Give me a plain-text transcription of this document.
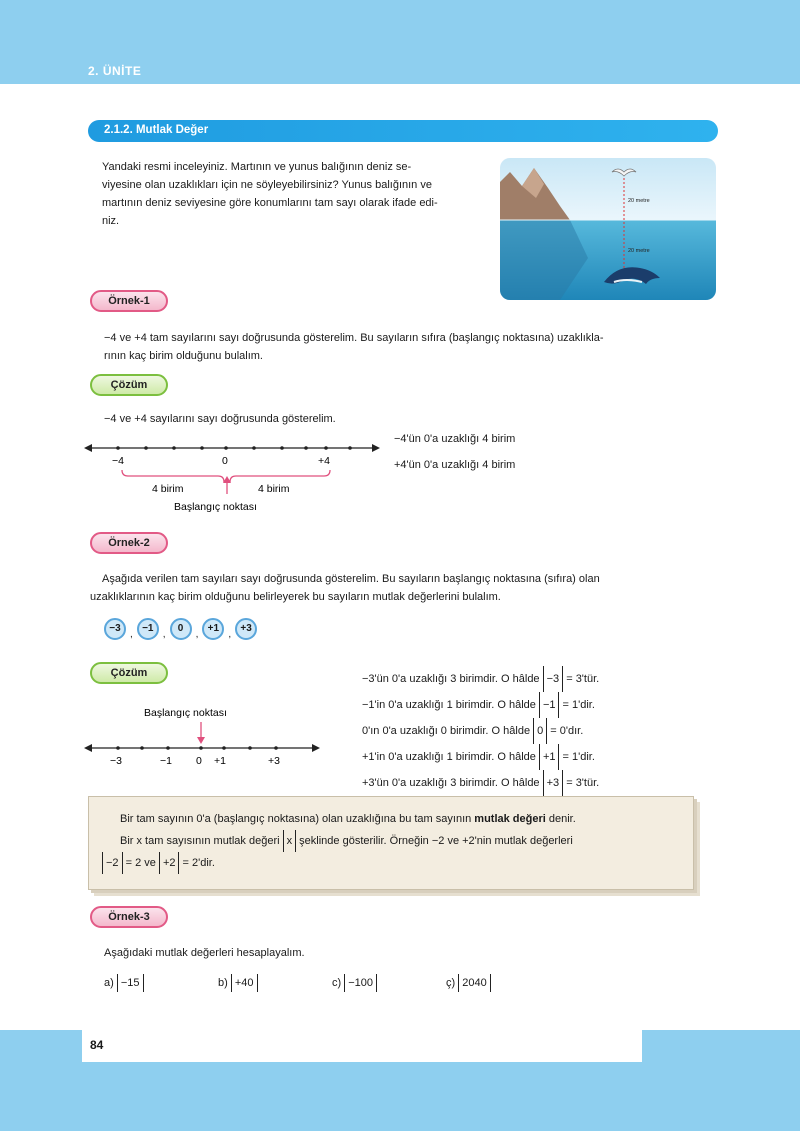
2. ÜNİTE
2.1.2. Mutlak Değer
Yandaki resmi inceleyiniz. Martının ve yunus balığının deniz se-
viyesine olan uzaklıkları için ne söyleyebilirsiniz? Yunus balığının ve
martının deniz seviyesine göre konumlarını tam sayı olarak ifade edi-
niz.
20 metre
20 metre
Örnek-1
−4 ve +4 tam sayılarını sayı doğrusunda gösterelim. Bu sayıların sıfıra (başlangıç noktasına) uzaklıkla-
rının kaç birim olduğunu bulalım.
Çözüm
−4 ve +4 sayılarını sayı doğrusunda gösterelim.
−4	0	+4
4 birim	4 birim
Başlangıç noktası
−4'ün 0'a uzaklığı 4 birim
+4'ün 0'a uzaklığı 4 birim
Örnek-2
Aşağıda verilen tam sayıları sayı doğrusunda gösterelim. Bu sayıların başlangıç noktasına (sıfıra) olan
uzaklıklarının kaç birim olduğunu belirleyerek bu sayıların mutlak değerlerini bulalım.
−3
,
−1
,
0
,
+1
,
+3
Çözüm
Başlangıç noktası
−3	−1 0 +1	+3
−3'ün 0'a uzaklığı 3 birimdir. O hâlde −3 = 3'tür.
−1'in 0'a uzaklığı 1 birimdir. O hâlde −1 = 1'dir.
0'ın 0'a uzaklığı 0 birimdir. O hâlde 0 = 0'dır.
+1'in 0'a uzaklığı 1 birimdir. O hâlde +1 = 1'dir.
+3'ün 0'a uzaklığı 3 birimdir. O hâlde +3 = 3'tür.
Bir tam sayının 0'a (başlangıç noktasına) olan uzaklığına bu tam sayının mutlak değeri denir.
Bir x tam sayısının mutlak değeri x şeklinde gösterilir. Örneğin −2 ve +2'nin mutlak değerleri
−2 = 2 ve +2 = 2'dir.
Örnek-3
Aşağıdaki mutlak değerleri hesaplayalım.
a) −15	b) +40	c) −100	ç) 2040
84
